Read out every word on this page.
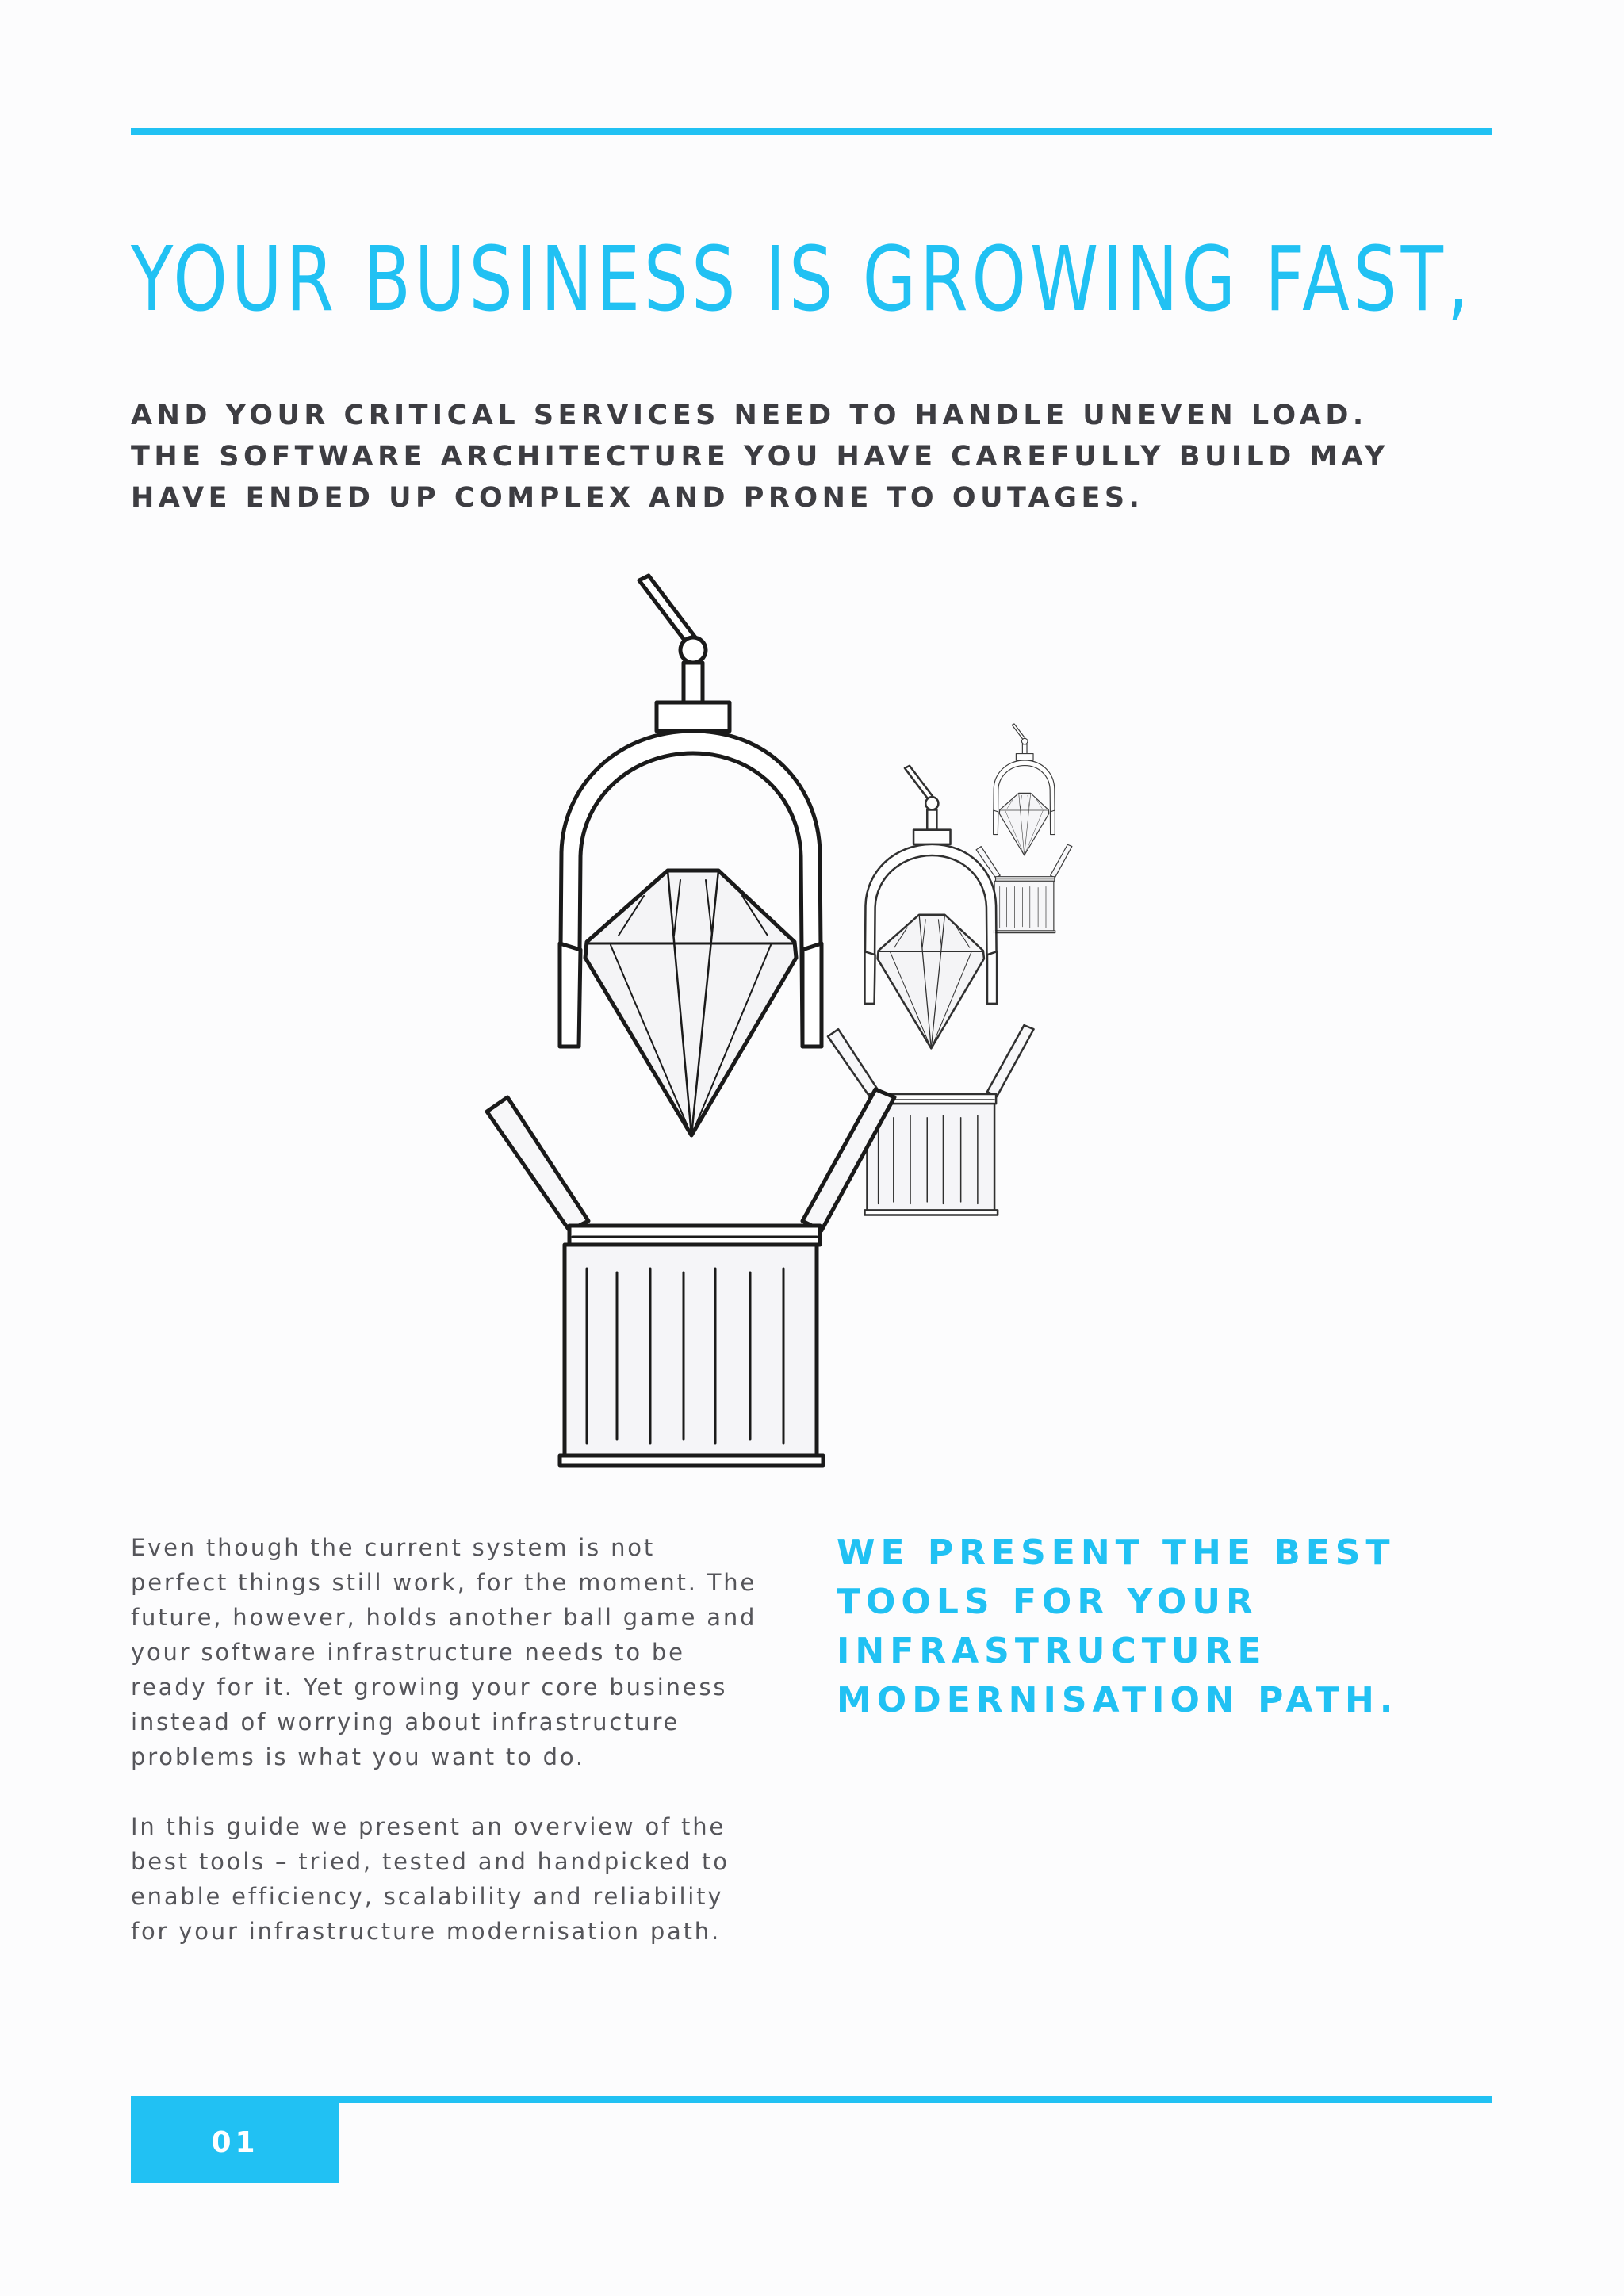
YOUR BUSINESS IS GROWING FAST,
AND YOUR CRITICAL SERVICES NEED TO HANDLE UNEVEN LOAD.
THE SOFTWARE ARCHITECTURE YOU HAVE CAREFULLY BUILD MAY
HAVE ENDED UP COMPLEX AND PRONE TO OUTAGES.

Even though the current system is not perfect things still work, for the moment. The future, however, holds another ball game and your software infrastructure needs to be ready for it. Yet growing your core business instead of worrying about infrastructure problems is what you want to do.

In this guide we present an overview of the best tools – tried, tested and handpicked to enable efficiency, scalability and reliability for your infrastructure modernisation path.

WE PRESENT THE BEST
TOOLS FOR YOUR
INFRASTRUCTURE
MODERNISATION PATH.
01
